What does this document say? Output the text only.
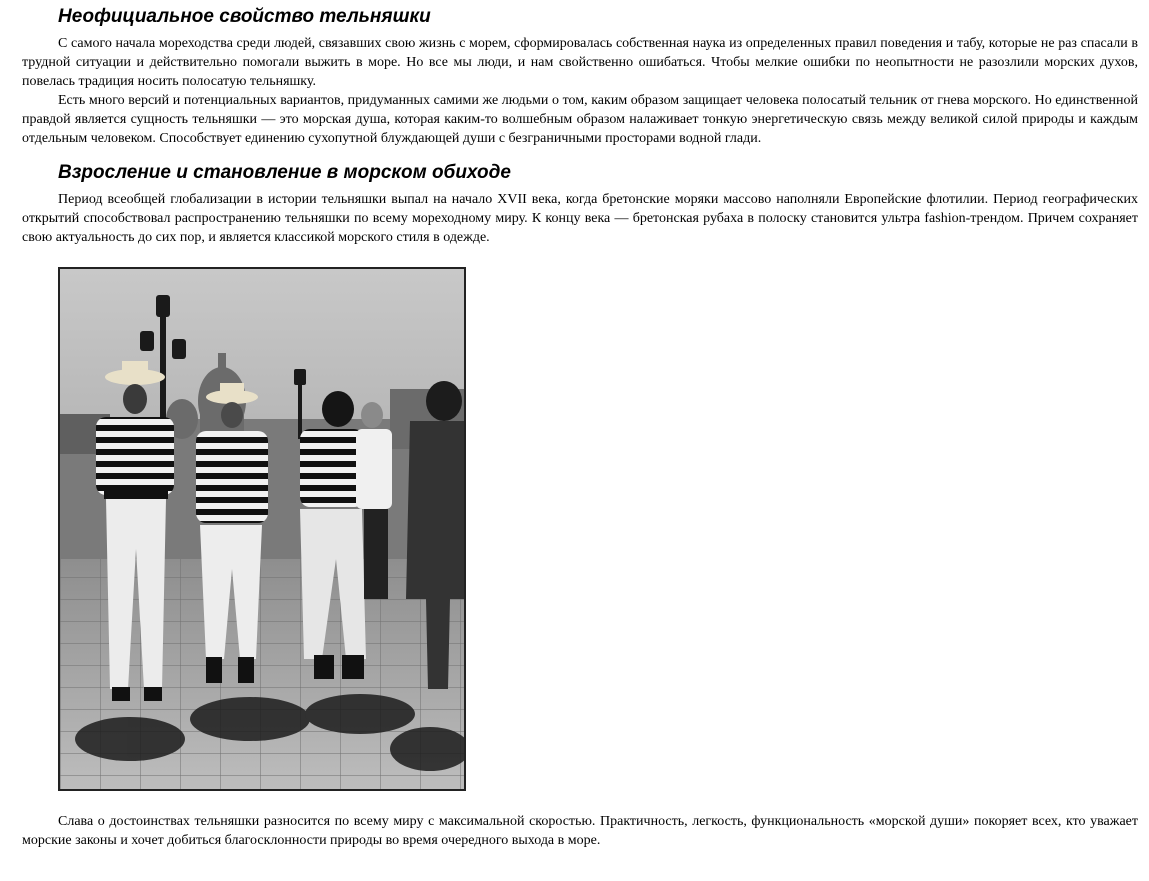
Неофициальное свойство тельняшки

С самого начала мореходства среди людей, связавших свою жизнь с морем, сформировалась собственная наука из определенных правил поведения и табу, которые не раз спасали в трудной ситуации и действительно помогали выжить в море. Но все мы люди, и нам свойственно ошибаться. Чтобы мелкие ошибки по неопытности не разозлили морских духов, повелась традиция носить полосатую тельняшку.

Есть много версий и потенциальных вариантов, придуманных самими же людьми о том, каким образом защищает человека полосатый тельник от гнева морского. Но единственной правдой является сущность тельняшки — это морская душа, которая каким-то волшебным образом налаживает тонкую энергетическую связь между великой силой природы и каждым отдельным человеком. Способствует единению сухопутной блуждающей души с безграничными просторами водной глади.

Взросление и становление в морском обиходе

Период всеобщей глобализации в истории тельняшки выпал на начало XVII века, когда бретонские моряки массово наполняли Европейские флотилии. Период географических открытий способствовал распространению тельняшки по всему мореходному миру. К концу века — бретонская рубаха в полоску становится ультра fashion-трендом. Причем сохраняет свою актуальность до сих пор, и является классикой морского стиля в одежде.

Слава о достоинствах тельняшки разносится по всему миру с максимальной скоростью. Практичность, легкость, функциональность «морской души» покоряет всех, кто уважает морские законы и хочет добиться благосклонности природы во время очередного выхода в море.
